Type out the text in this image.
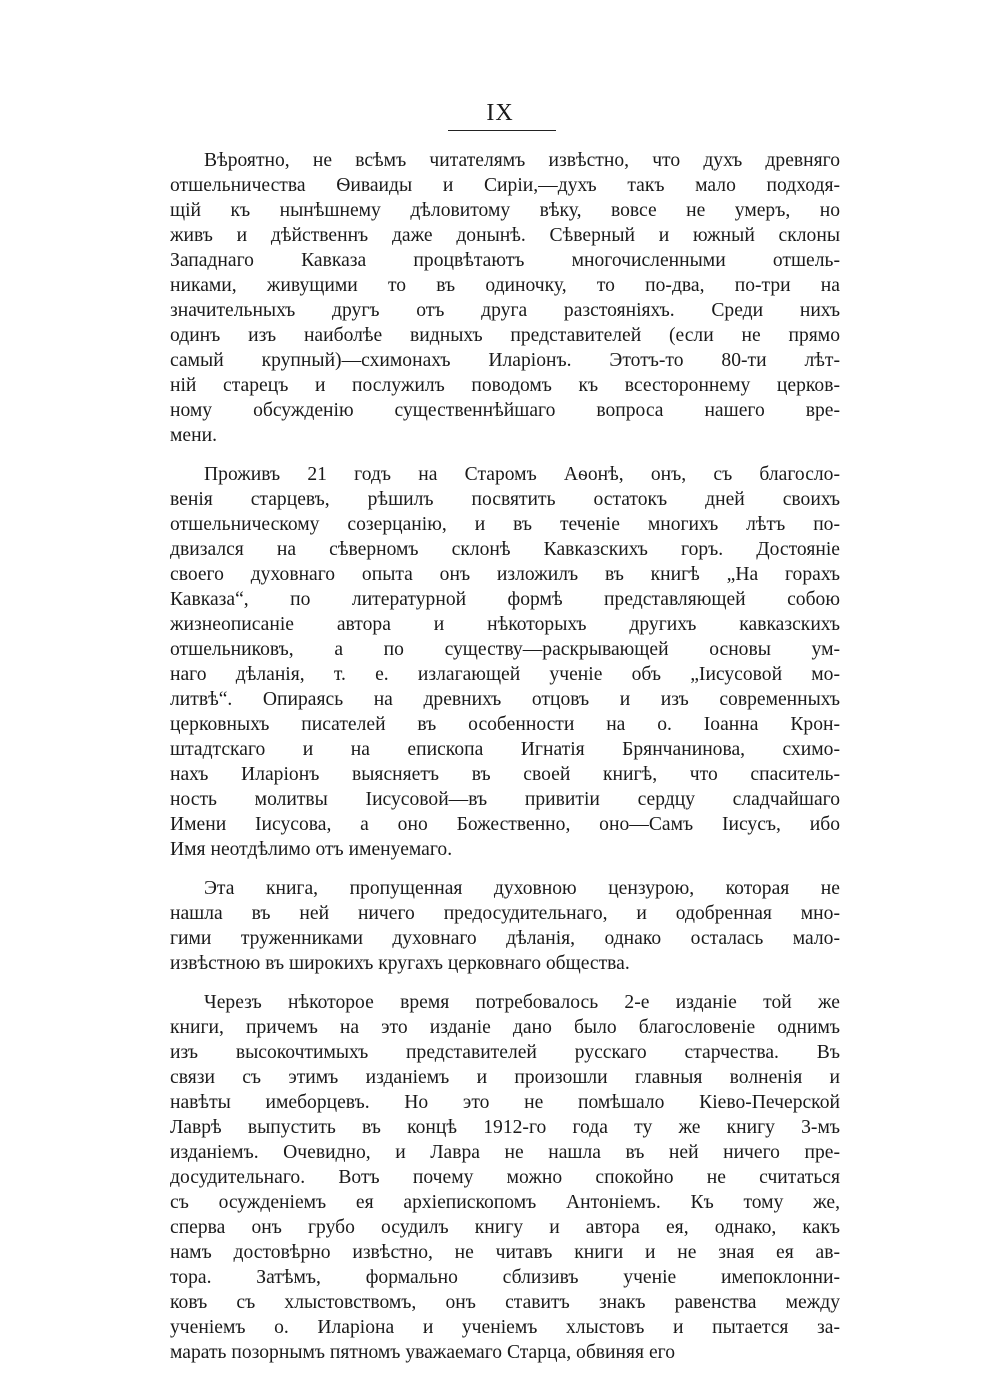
IX
Вѣроятно, не всѣмъ читателямъ извѣстно, что духъ древняго
отшельничества Ѳиваиды и Сиріи,—духъ такъ мало подходя-
щій къ нынѣшнему дѣловитому вѣку, вовсе не умеръ, но
живъ и дѣйственнъ даже донынѣ. Сѣверный и южный склоны
Западнаго Кавказа процвѣтаютъ многочисленными отшель-
никами, живущими то въ одиночку, то по-два, по-три на
значительныхъ другъ отъ друга разстояніяхъ. Среди нихъ
одинъ изъ наиболѣе видныхъ представителей (если не прямо
самый крупный)—схимонахъ Иларіонъ. Этотъ-то 80-ти лѣт-
ній старецъ и послужилъ поводомъ къ всестороннему церков-
ному обсужденію существеннѣйшаго вопроса нашего вре-
мени.
Проживъ 21 годъ на Старомъ Аѳонѣ, онъ, съ благосло-
венія старцевъ, рѣшилъ посвятить остатокъ дней своихъ
отшельническому созерцанію, и въ теченіе многихъ лѣтъ по-
двизался на сѣверномъ склонѣ Кавказскихъ горъ. Достояніе
своего духовнаго опыта онъ изложилъ въ книгѣ „На горахъ
Кавказа“, по литературной формѣ представляющей собою
жизнеописаніе автора и нѣкоторыхъ другихъ кавказскихъ
отшельниковъ, а по существу—раскрывающей основы ум-
наго дѣланія, т. е. излагающей ученіе объ „Іисусовой мо-
литвѣ“. Опираясь на древнихъ отцовъ и изъ современныхъ
церковныхъ писателей въ особенности на о. Іоанна Крон-
штадтскаго и на епископа Игнатія Брянчанинова, схимо-
нахъ Иларіонъ выясняетъ въ своей книгѣ, что спаситель-
ность молитвы Іисусовой—въ привитіи сердцу сладчайшаго
Имени Іисусова, а оно Божественно, оно—Самъ Іисусъ, ибо
Имя неотдѣлимо отъ именуемаго.
Эта книга, пропущенная духовною цензурою, которая не
нашла въ ней ничего предосудительнаго, и одобренная мно-
гими труженниками духовнаго дѣланія, однако осталась мало-
извѣстною въ широкихъ кругахъ церковнаго общества.
Черезъ нѣкоторое время потребовалось 2-е изданіе той же
книги, причемъ на это изданіе дано было благословеніе однимъ
изъ высокочтимыхъ представителей русскаго старчества. Въ
связи съ этимъ изданіемъ и произошли главныя волненія и
навѣты имеборцевъ. Но это не помѣшало Кіево-Печерской
Лаврѣ выпустить въ концѣ 1912-го года ту же книгу 3-мъ
изданіемъ. Очевидно, и Лавра не нашла въ ней ничего пре-
досудительнаго. Вотъ почему можно спокойно не считаться
съ осужденіемъ ея архіепископомъ Антоніемъ. Къ тому же,
сперва онъ грубо осудилъ книгу и автора ея, однако, какъ
намъ достовѣрно извѣстно, не читавъ книги и не зная ея ав-
тора. Затѣмъ, формально сблизивъ ученіе имепоклонни-
ковъ съ хлыстовствомъ, онъ ставитъ знакъ равенства между
ученіемъ о. Иларіона и ученіемъ хлыстовъ и пытается за-
марать позорнымъ пятномъ уважаемаго Старца, обвиняя его
